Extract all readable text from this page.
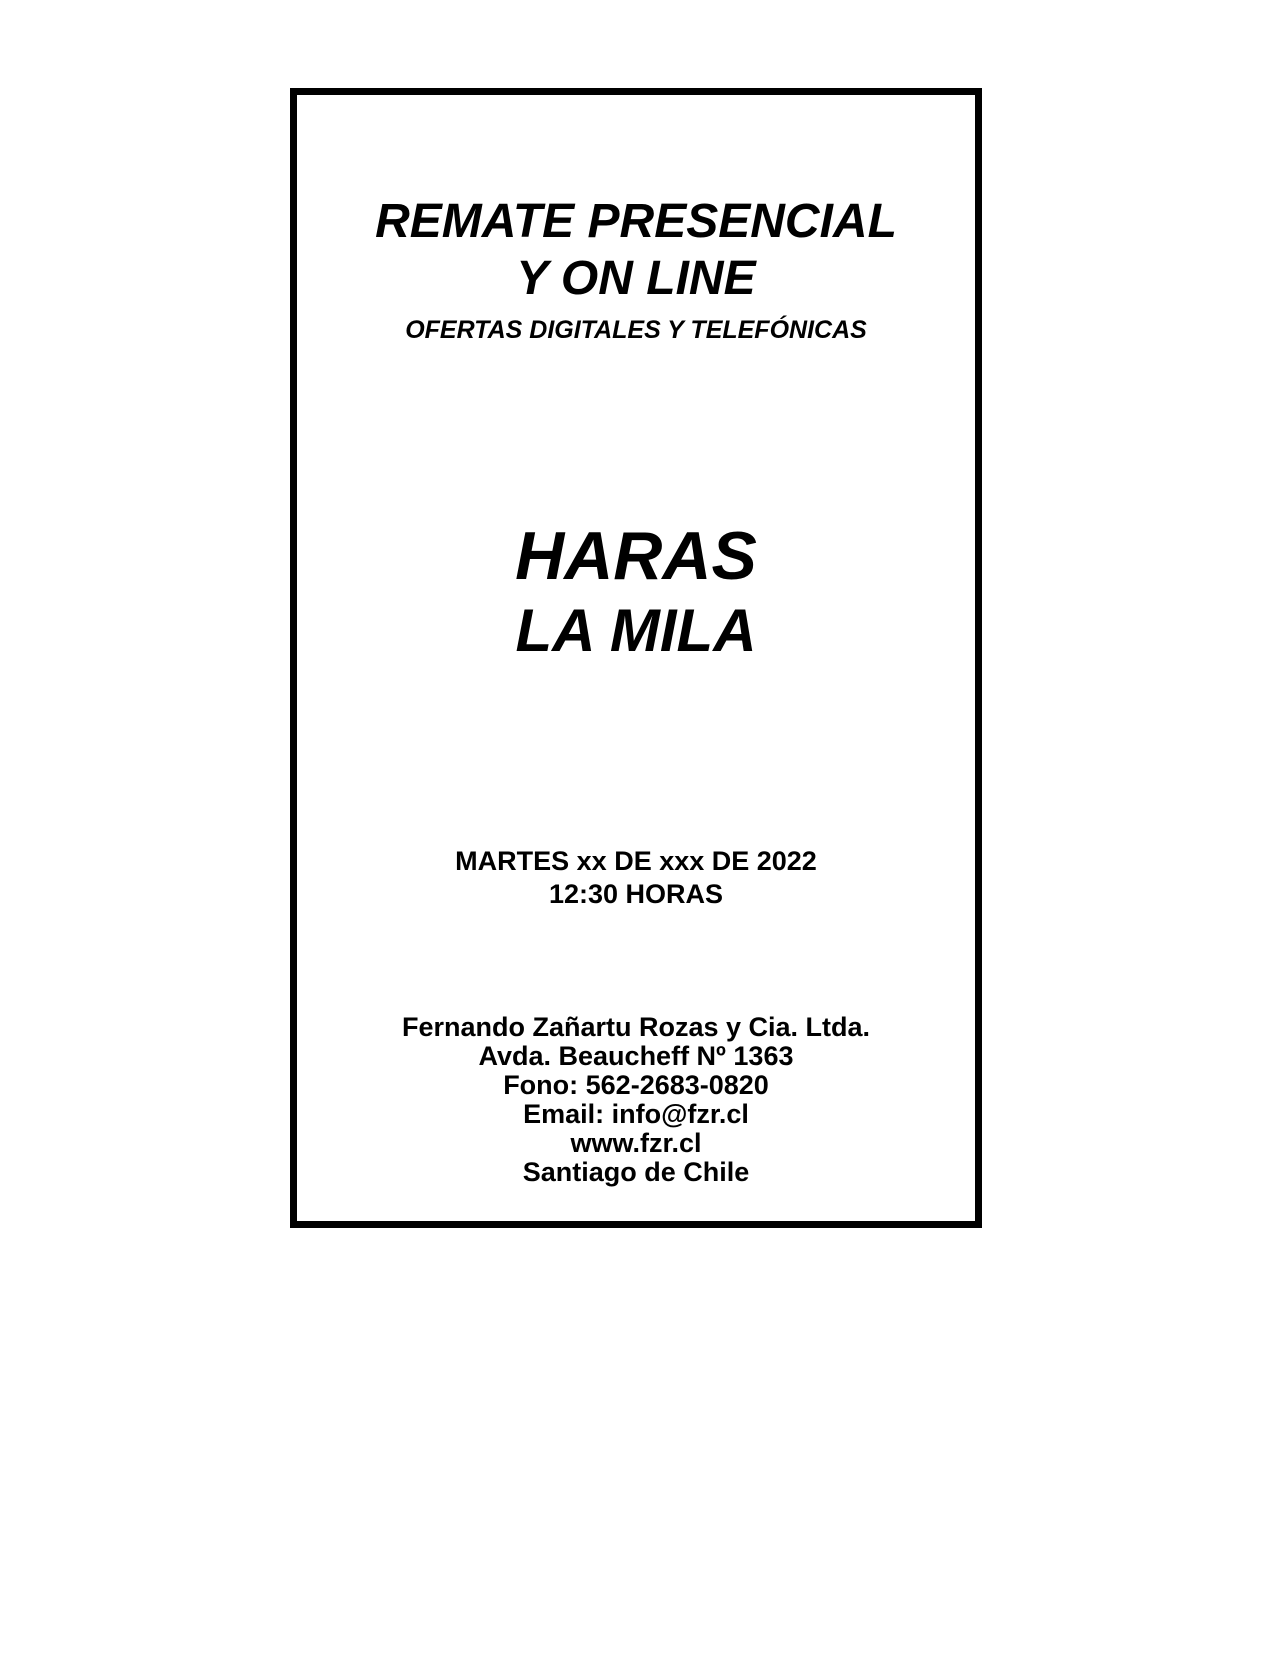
REMATE PRESENCIAL
Y ON LINE
OFERTAS DIGITALES Y TELEFÓNICAS
HARAS
LA MILA
MARTES xx DE xxx DE 2022
12:30 HORAS
Fernando Zañartu Rozas y Cia. Ltda.
Avda. Beaucheff Nº 1363
Fono: 562-2683-0820
Email: info@fzr.cl
www.fzr.cl
Santiago de Chile
